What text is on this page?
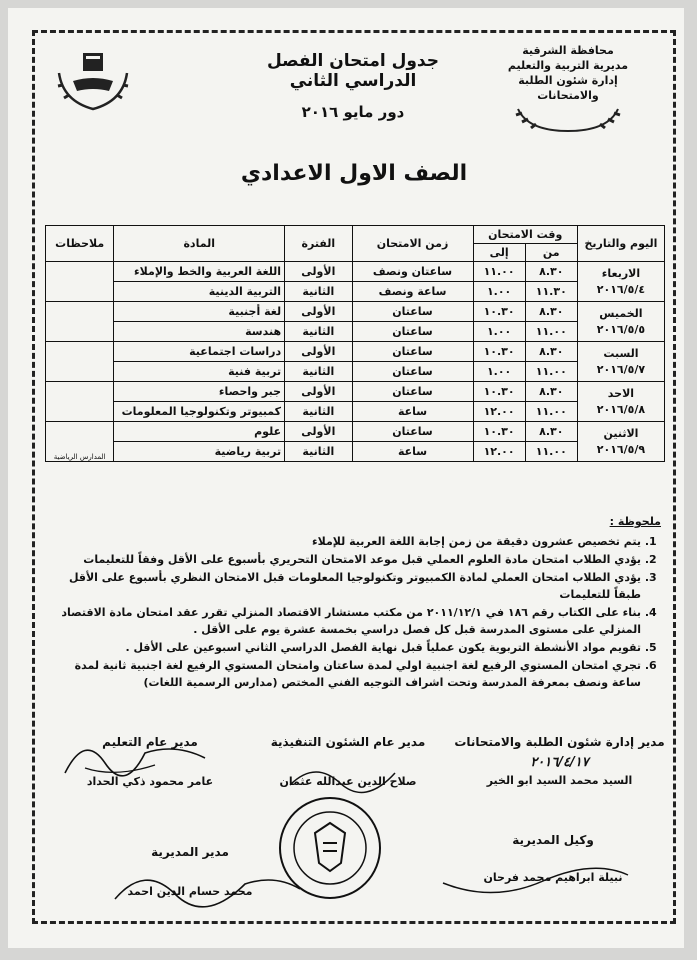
محافظة الشرقية
مديرية التربية والتعليم
إدارة شئون الطلبة والامتحانات
جدول امتحان الفصل الدراسي الثاني
دور مايو ٢٠١٦
الصف الاول الاعدادي
اليوم والتاريخ	وقت الامتحان		زمن الامتحان	الفترة	المادة	ملاحظات
	من	إلى				

الاربعاء
٢٠١٦/٥/٤	٨.٣٠	١١.٠٠	ساعتان ونصف	الأولى	اللغة العربية والخط والإملاء	
	١١.٣٠	١.٠٠	ساعة ونصف	الثانية	التربية الدينية	

الخميس
٢٠١٦/٥/٥	٨.٣٠	١٠.٣٠	ساعتان	الأولى	لغة أجنبية	
	١١.٠٠	١.٠٠	ساعتان	الثانية	هندسة	

السبت
٢٠١٦/٥/٧	٨.٣٠	١٠.٣٠	ساعتان	الأولى	دراسات اجتماعية	
	١١.٠٠	١.٠٠	ساعتان	الثانية	تربية فنية	

الاحد
٢٠١٦/٥/٨	٨.٣٠	١٠.٣٠	ساعتان	الأولى	جبر واحصاء	
	١١.٠٠	١٢.٠٠	ساعة	الثانية	كمبيوتر وتكنولوجيا المعلومات	

الاثنين
٢٠١٦/٥/٩	٨.٣٠	١٠.٣٠	ساعتان	الأولى	علوم	المدارس الرياضية
	١١.٠٠	١٢.٠٠	ساعة	الثانية	تربية رياضية	
ملحوظة :
1. يتم تخصيص عشرون دقيقة من زمن إجابة اللغة العربية للإملاء
2. يؤدي الطلاب امتحان مادة العلوم العملي قبل موعد الامتحان التحريري بأسبوع على الأقل وفقاً للتعليمات
3. يؤدي الطلاب امتحان العملي لمادة الكمبيوتر وتكنولوجيا المعلومات قبل الامتحان النظري بأسبوع على الأقل طبقاً للتعليمات
4. بناء على الكتاب رقم ١٨٦ في ٢٠١١/١٢/١ من مكتب مستشار الاقتصاد المنزلي تقرر عقد امتحان مادة الاقتصاد المنزلي على مستوى المدرسة قبل كل فصل دراسي بخمسة عشرة يوم على الأقل .
5. تقويم مواد الأنشطة التربوية يكون عملياً قبل نهاية الفصل الدراسي الثاني اسبوعين على الأقل .
6. تجري امتحان المستوي الرفيع لغة اجنبية اولي لمدة ساعتان وامتحان المستوي الرفيع لغة اجنبية ثانية لمدة ساعة ونصف بمعرفة المدرسة وتحت اشراف التوجيه الفني المختص (مدارس الرسمية اللغات)
مدير إدارة شئون الطلبة والامتحانات
٢٠١٦/٤/١٧
السيد محمد السيد ابو الخير
مدير عام الشئون التنفيذية
صلاح الدين عبدالله عثمان
مدير عام التعليم
عامر محمود ذكي الحداد
وكيل المديرية
نبيلة ابراهيم محمد فرحان
مدير المديرية
محمد حسام الدين احمد
